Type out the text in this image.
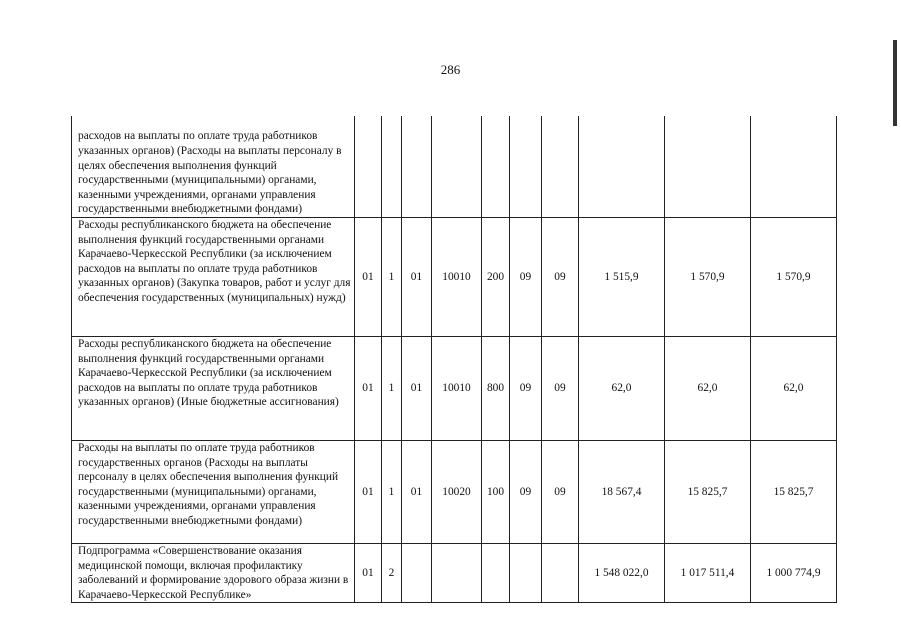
286
расходов на выплаты по оплате труда работников указанных органов) (Расходы на выплаты персоналу в целях обеспечения выполнения функций государственными (муниципальными) органами, казенными учреждениями, органами управления государственными внебюджетными фондами)										
Расходы республиканского бюджета на обеспечение выполнения функций государственными органами Карачаево-Черкесской Республики (за исключением расходов на выплаты по оплате труда работников указанных органов) (Закупка товаров, работ и услуг для обеспечения государственных (муниципальных) нужд)	01	1	01	10010	200	09	09	1 515,9	1 570,9	1 570,9
Расходы республиканского бюджета на обеспечение выполнения функций государственными органами Карачаево-Черкесской Республики (за исключением расходов на выплаты по оплате труда работников указанных органов) (Иные бюджетные ассигнования)	01	1	01	10010	800	09	09	62,0	62,0	62,0
Расходы на выплаты по оплате труда работников государственных органов (Расходы на выплаты персоналу в целях обеспечения выполнения функций государственными (муниципальными) органами, казенными учреждениями, органами управления государственными внебюджетными фондами)	01	1	01	10020	100	09	09	18 567,4	15 825,7	15 825,7
Подпрограмма «Совершенствование оказания медицинской помощи, включая профилактику заболеваний и формирование здорового образа жизни в Карачаево-Черкесской Республике»	01	2						1 548 022,0	1 017 511,4	1 000 774,9
